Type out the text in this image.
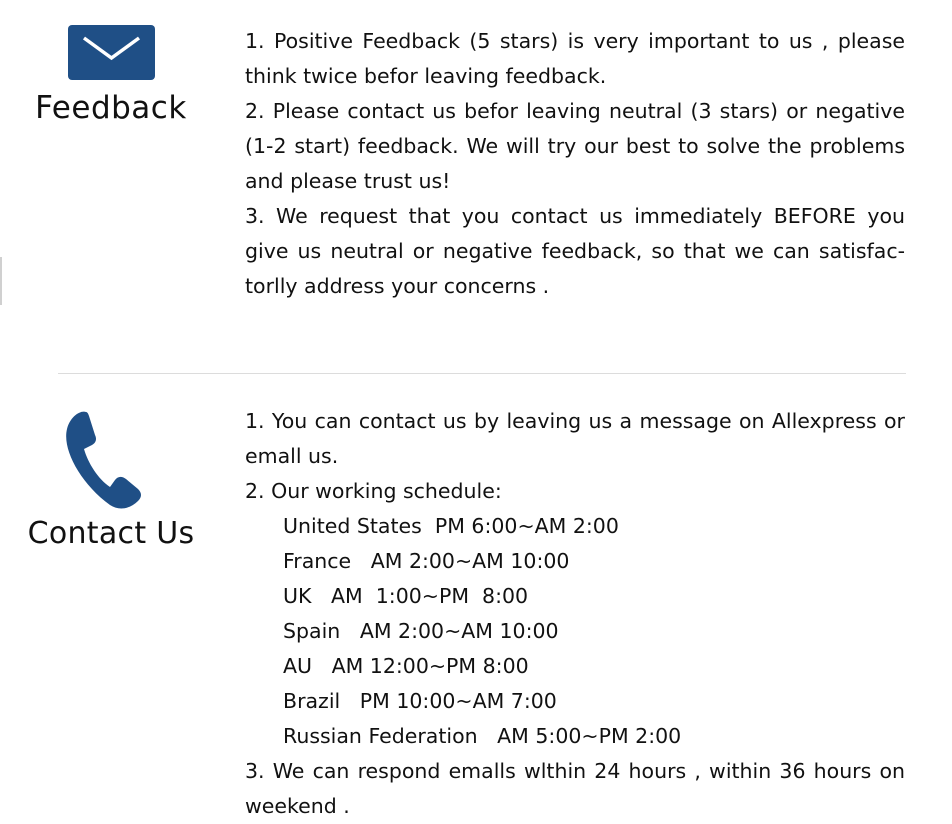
Feedback

1. Positive Feedback (5 stars) is very important to us , please think twice befor leaving feedback.

2. Please contact us befor leaving neutral (3 stars) or negative (1-2 start) feedback. We will try our best to solve the problems and please trust us!

3. We request that you contact us immediately BEFORE you give us neutral or negative feedback, so that we can satisfac-torlly address your concerns .

Contact Us

1. You can contact us by leaving us a message on Allexpress or emall us.

2. Our working schedule:

United States  PM 6:00~AM 2:00

France   AM 2:00~AM 10:00

UK   AM  1:00~PM  8:00

Spain   AM 2:00~AM 10:00

AU   AM 12:00~PM 8:00

Brazil   PM 10:00~AM 7:00

Russian Federation   AM 5:00~PM 2:00

3. We can respond emalls wlthin 24 hours , within 36 hours on weekend .
